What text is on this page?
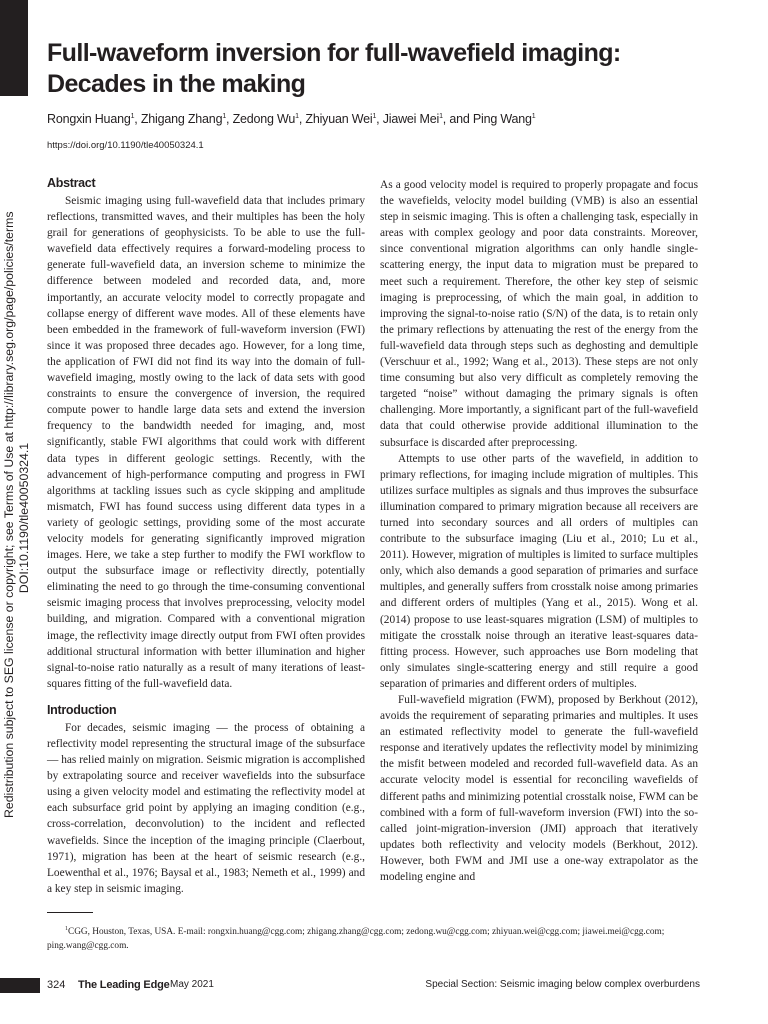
Redistribution subject to SEG license or copyright; see Terms of Use at http://library.seg.org/page/policies/terms DOI:10.1190/tle40050324.1
Full-waveform inversion for full-wavefield imaging:
Decades in the making
Rongxin Huang$^1$, Zhigang Zhang$^1$, Zedong Wu$^1$, Zhiyuan Wei$^1$, Jiawei Mei$^1$, and Ping Wang$^1$
https://doi.org/10.1190/tle40050324.1
Abstract

Seismic imaging using full-wavefield data that includes primary reflections, transmitted waves, and their multiples has been the holy grail for generations of geophysicists. To be able to use the full-wavefield data effectively requires a forward-modeling process to generate full-wavefield data, an inversion scheme to minimize the difference between modeled and recorded data, and, more importantly, an accurate velocity model to correctly propagate and collapse energy of different wave modes. All of these elements have been embedded in the framework of full-waveform inversion (FWI) since it was proposed three decades ago. However, for a long time, the application of FWI did not find its way into the domain of full-wavefield imaging, mostly owing to the lack of data sets with good constraints to ensure the convergence of inversion, the required compute power to handle large data sets and extend the inversion frequency to the bandwidth needed for imaging, and, most significantly, stable FWI algorithms that could work with different data types in different geologic settings. Recently, with the advancement of high-performance computing and progress in FWI algorithms at tackling issues such as cycle skipping and amplitude mismatch, FWI has found success using different data types in a variety of geologic settings, providing some of the most accurate velocity models for generating significantly improved migration images. Here, we take a step further to modify the FWI workflow to output the subsurface image or reflectivity directly, potentially eliminating the need to go through the time-consuming conventional seismic imaging process that involves preprocessing, velocity model building, and migration. Compared with a conventional migration image, the reflectivity image directly output from FWI often provides additional structural information with better illumination and higher signal-to-noise ratio naturally as a result of many iterations of least-squares fitting of the full-wavefield data.

Introduction

For decades, seismic imaging — the process of obtaining a reflectivity model representing the structural image of the subsurface — has relied mainly on migration. Seismic migration is accomplished by extrapolating source and receiver wavefields into the subsurface using a given velocity model and estimating the reflectivity model at each subsurface grid point by applying an imaging condition (e.g., cross-correlation, deconvolution) to the incident and reflected wavefields. Since the inception of the imaging principle (Claerbout, 1971), migration has been at the heart of seismic research (e.g., Loewenthal et al., 1976; Baysal et al., 1983; Nemeth et al., 1999) and a key step in seismic imaging.

As a good velocity model is required to properly propagate and focus the wavefields, velocity model building (VMB) is also an essential step in seismic imaging. This is often a challenging task, especially in areas with complex geology and poor data constraints. Moreover, since conventional migration algorithms can only handle single-scattering energy, the input data to migration must be prepared to meet such a requirement. Therefore, the other key step of seismic imaging is preprocessing, of which the main goal, in addition to improving the signal-to-noise ratio (S/N) of the data, is to retain only the primary reflections by attenuating the rest of the energy from the full-wavefield data through steps such as deghosting and demultiple (Verschuur et al., 1992; Wang et al., 2013). These steps are not only time consuming but also very difficult as completely removing the targeted “noise” without damaging the primary signals is often challenging. More importantly, a significant part of the full-wavefield data that could otherwise provide additional illumination to the subsurface is discarded after preprocessing.

Attempts to use other parts of the wavefield, in addition to primary reflections, for imaging include migration of multiples. This utilizes surface multiples as signals and thus improves the subsurface illumination compared to primary migration because all receivers are turned into secondary sources and all orders of multiples can contribute to the subsurface imaging (Liu et al., 2010; Lu et al., 2011). However, migration of multiples is limited to surface multiples only, which also demands a good separation of primaries and surface multiples, and generally suffers from crosstalk noise among primaries and different orders of multiples (Yang et al., 2015). Wong et al. (2014) propose to use least-squares migration (LSM) of multiples to mitigate the crosstalk noise through an iterative least-squares data-fitting process. However, such approaches use Born modeling that only simulates single-scattering energy and still require a good separation of primaries and different orders of multiples.

Full-wavefield migration (FWM), proposed by Berkhout (2012), avoids the requirement of separating primaries and multiples. It uses an estimated reflectivity model to generate the full-wavefield response and iteratively updates the reflectivity model by minimizing the misfit between modeled and recorded full-wavefield data. As an accurate velocity model is essential for reconciling wavefields of different paths and minimizing potential crosstalk noise, FWM can be combined with a form of full-waveform inversion (FWI) into the so-called joint-migration-inversion (JMI) approach that iteratively updates both reflectivity and velocity models (Berkhout, 2012). However, both FWM and JMI use a one-way extrapolator as the modeling engine and

$^1$CGG, Houston, Texas, USA. E-mail: rongxin.huang@cgg.com; zhigang.zhang@cgg.com; zedong.wu@cgg.com; zhiyuan.wei@cgg.com; jiawei.mei@cgg.com; ping.wang@cgg.com.
324 The Leading Edge May 2021	Special Section: Seismic imaging below complex overburdens
